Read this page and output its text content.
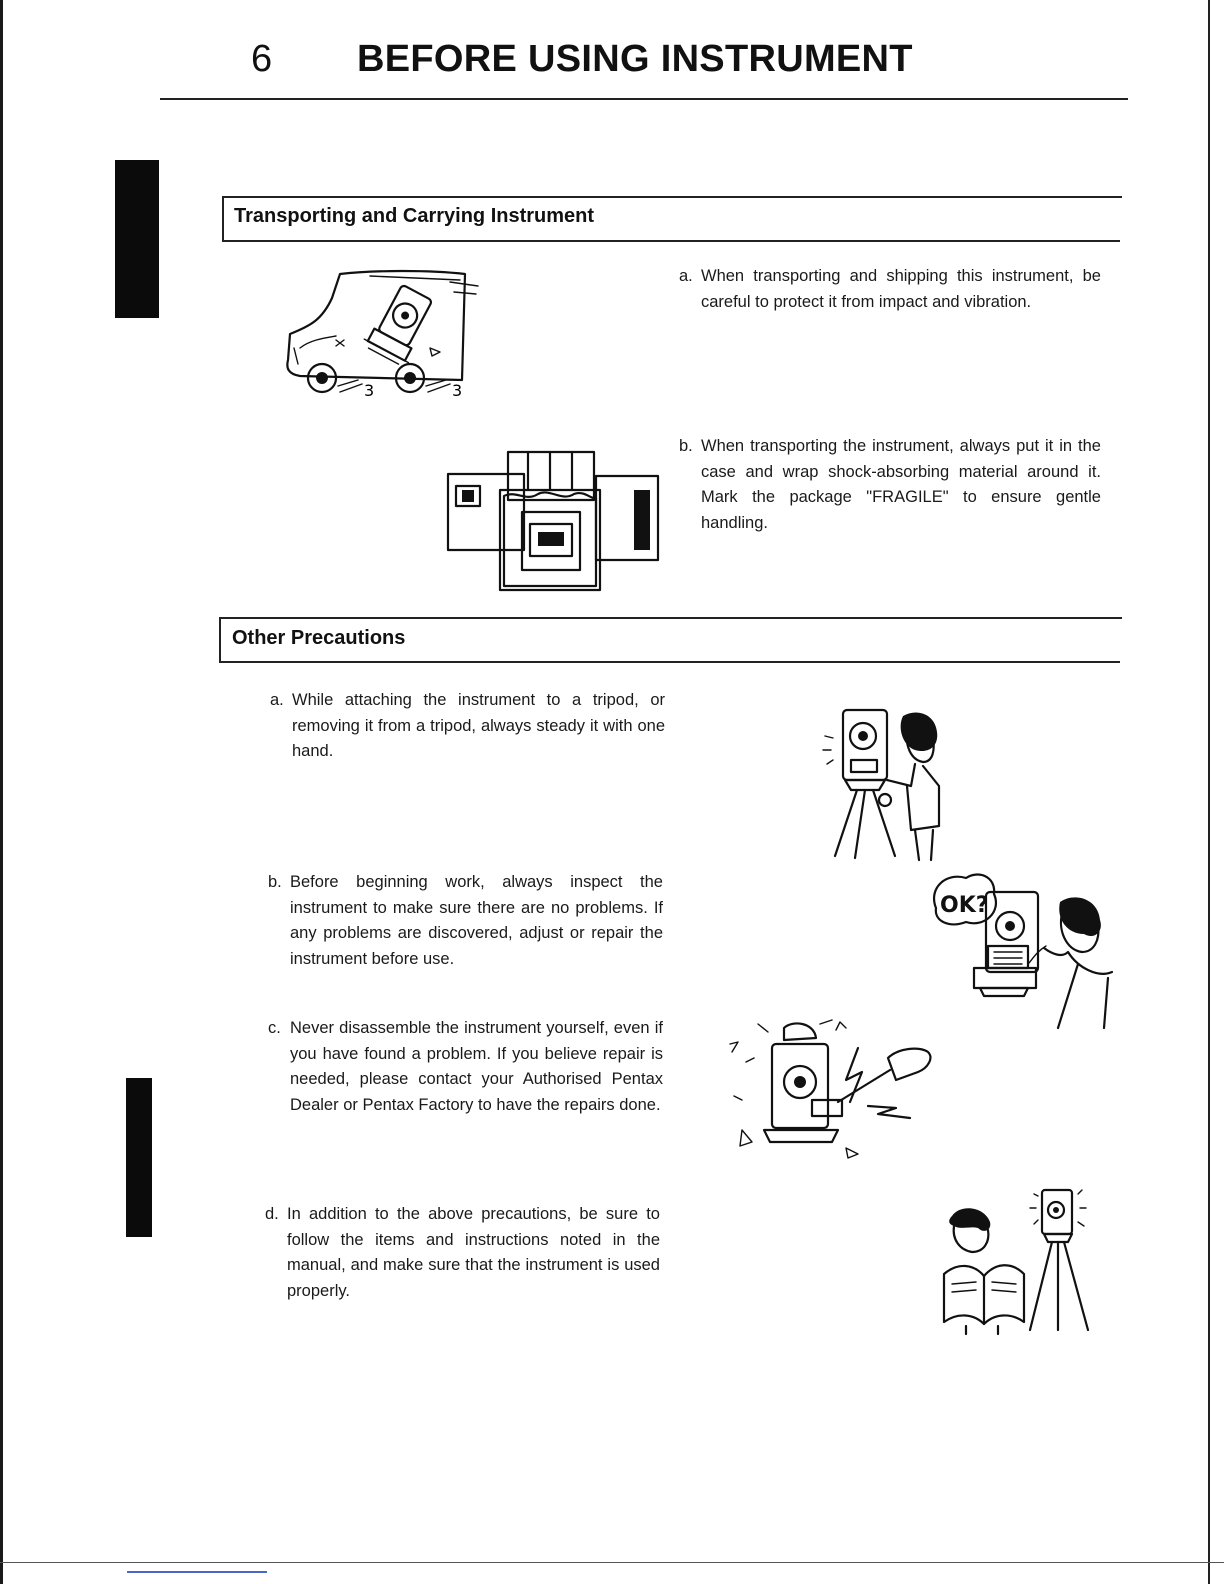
6 BEFORE USING INSTRUMENT
Transporting and Carrying Instrument
a. When transporting and shipping this instrument, be careful to protect it from impact and vibration.
b. When transporting the instrument, always put it in the case and wrap shock-absorbing material around it. Mark the package "FRAGILE" to ensure gentle handling.
3	3
Other Precautions
a. While attaching the instrument to a tripod, or removing it from a tripod, always steady it with one hand.
b. Before beginning work, always inspect the instrument to make sure there are no problems. If any problems are discovered, adjust or repair the instrument before use.
c. Never disassemble the instrument yourself, even if you have found a problem. If you believe repair is needed, please contact your Authorised Pentax Dealer or Pentax Factory to have the repairs done.
d. In addition to the above precautions, be sure to follow the items and instructions noted in the manual, and make sure that the instrument is used properly.
OK?
